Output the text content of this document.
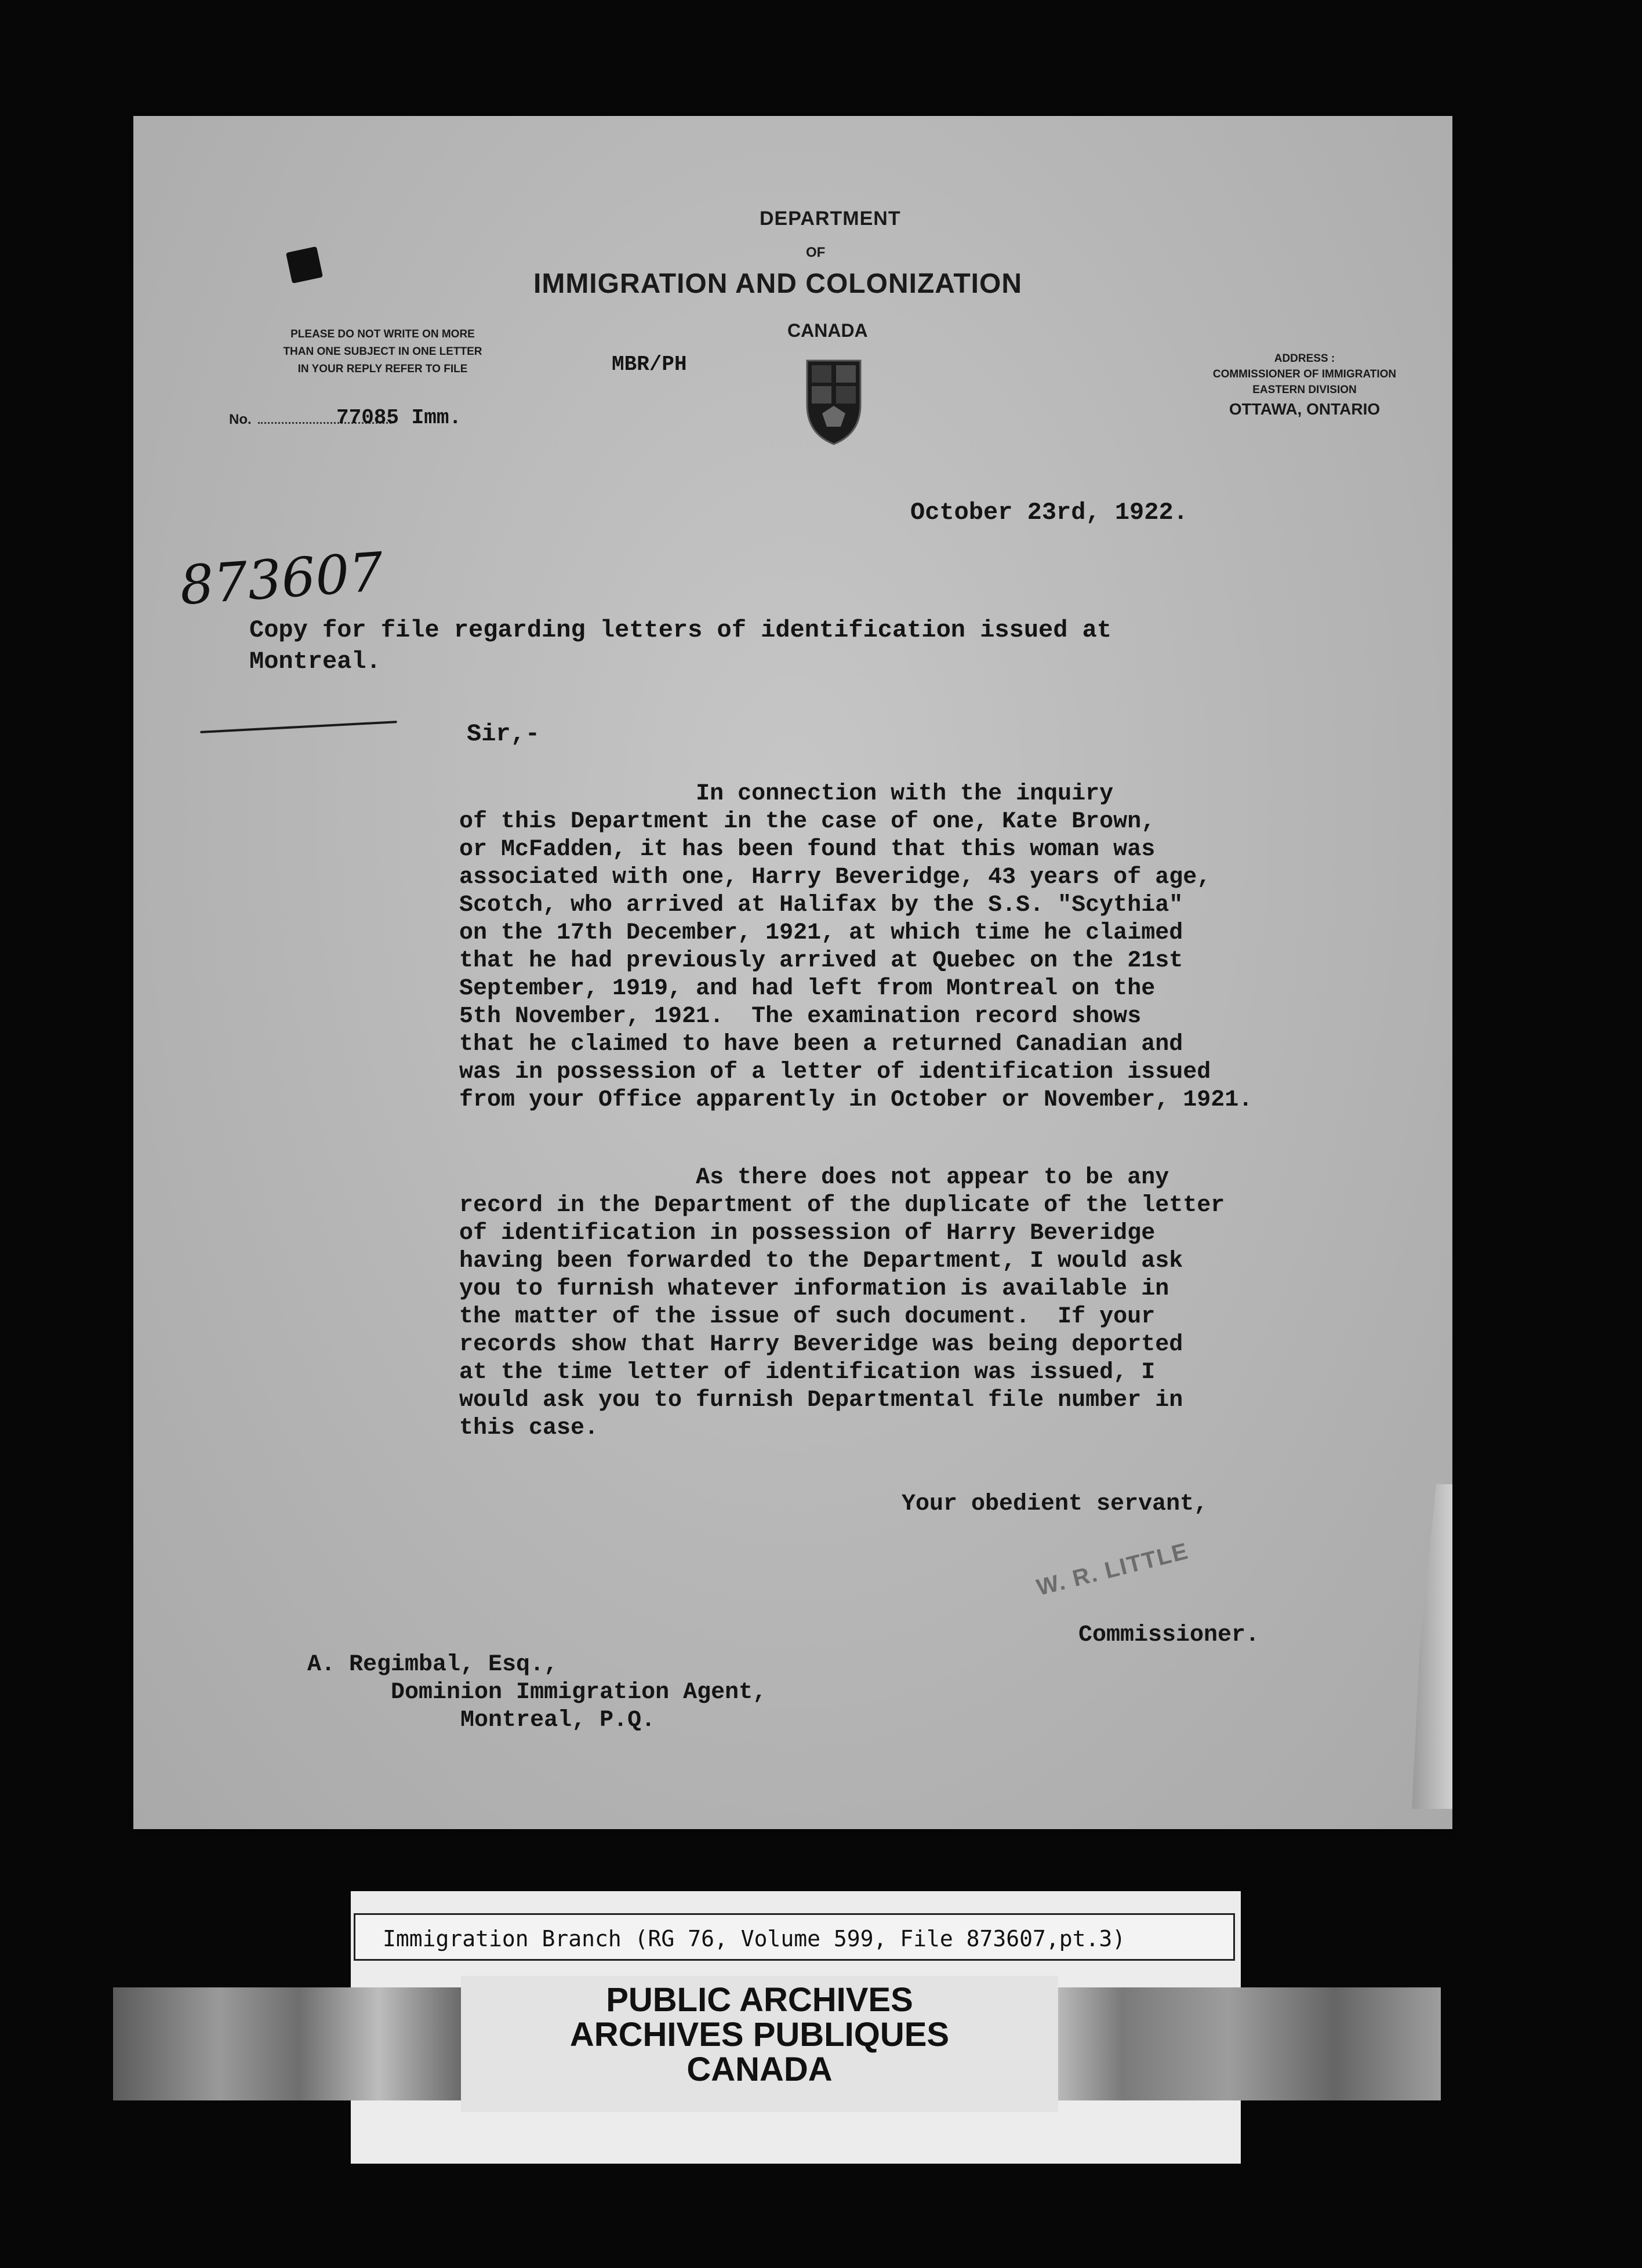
DEPARTMENT
OF
IMMIGRATION AND COLONIZATION
CANADA
PLEASE DO NOT WRITE ON MORE
THAN ONE SUBJECT IN ONE LETTER
IN YOUR REPLY REFER TO FILE
No.	77085 Imm.
MBR/PH	ADDRESS :
COMMISSIONER OF IMMIGRATION
EASTERN DIVISION
OTTAWA, ONTARIO
October 23rd, 1922.
873607
Copy for file regarding letters of identification issued at
Montreal.
Sir,-
In connection with the inquiry
of this Department in the case of one, Kate Brown,
or McFadden, it has been found that this woman was
associated with one, Harry Beveridge, 43 years of age,
Scotch, who arrived at Halifax by the S.S. "Scythia"
on the 17th December, 1921, at which time he claimed
that he had previously arrived at Quebec on the 21st
September, 1919, and had left from Montreal on the
5th November, 1921.  The examination record shows
that he claimed to have been a returned Canadian and
was in possession of a letter of identification issued
from your Office apparently in October or November, 1921.
As there does not appear to be any
record in the Department of the duplicate of the letter
of identification in possession of Harry Beveridge
having been forwarded to the Department, I would ask
you to furnish whatever information is available in
the matter of the issue of such document.  If your
records show that Harry Beveridge was being deported
at the time letter of identification was issued, I
would ask you to furnish Departmental file number in
this case.
Your obedient servant,
W. R. LITTLE
Commissioner.
A. Regimbal, Esq.,
Dominion Immigration Agent,
Montreal, P.Q.
Immigration Branch (RG 76, Volume 599, File 873607,pt.3)
PUBLIC ARCHIVES
ARCHIVES PUBLIQUES
CANADA
